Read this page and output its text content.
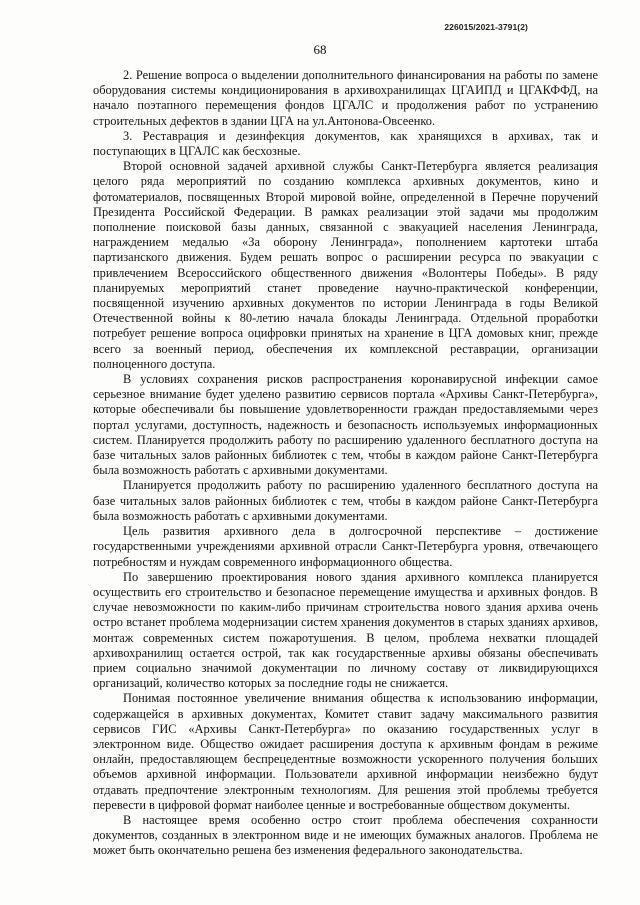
226015/2021-3791(2)
68

2. Решение вопроса о выделении дополнительного финансирования на работы по замене оборудования системы кондиционирования в архивохранилищах ЦГАИПД и ЦГАКФФД, на начало поэтапного перемещения фондов ЦГАЛС и продолжения работ по устранению строительных дефектов в здании ЦГА на ул.Антонова-Овсеенко.

3. Реставрация и дезинфекция документов, как хранящихся в архивах, так и поступающих в ЦГАЛС как бесхозные.

Второй основной задачей архивной службы Санкт-Петербурга является реализация целого ряда мероприятий по созданию комплекса архивных документов, кино и фотоматериалов, посвященных Второй мировой войне, определенной в Перечне поручений Президента Российской Федерации. В рамках реализации этой задачи мы продолжим пополнение поисковой базы данных, связанной с эвакуацией населения Ленинграда, награждением медалью «За оборону Ленинграда», пополнением картотеки штаба партизанского движения. Будем решать вопрос о расширении ресурса по эвакуации с привлечением Всероссийского общественного движения «Волонтеры Победы». В ряду планируемых мероприятий станет проведение научно-практической конференции, посвященной изучению архивных документов по истории Ленинграда в годы Великой Отечественной войны к 80-летию начала блокады Ленинграда. Отдельной проработки потребует решение вопроса оцифровки принятых на хранение в ЦГА домовых книг, прежде всего за военный период, обеспечения их комплексной реставрации, организации полноценного доступа.

В условиях сохранения рисков распространения коронавирусной инфекции самое серьезное внимание будет уделено развитию сервисов портала «Архивы Санкт-Петербурга», которые обеспечивали бы повышение удовлетворенности граждан предоставляемыми через портал услугами, доступность, надежность и безопасность используемых информационных систем. Планируется продолжить работу по расширению удаленного бесплатного доступа на базе читальных залов районных библиотек с тем, чтобы в каждом районе Санкт-Петербурга была возможность работать с архивными документами.

Планируется продолжить работу по расширению удаленного бесплатного доступа на базе читальных залов районных библиотек с тем, чтобы в каждом районе Санкт-Петербурга была возможность работать с архивными документами.

Цель развития архивного дела в долгосрочной перспективе – достижение государственными учреждениями архивной отрасли Санкт-Петербурга уровня, отвечающего потребностям и нуждам современного информационного общества.

По завершению проектирования нового здания архивного комплекса планируется осуществить его строительство и безопасное перемещение имущества и архивных фондов. В случае невозможности по каким-либо причинам строительства нового здания архива очень остро встанет проблема модернизации систем хранения документов в старых зданиях архивов, монтаж современных систем пожаротушения. В целом, проблема нехватки площадей архивохранилищ остается острой, так как государственные архивы обязаны обеспечивать прием социально значимой документации по личному составу от ликвидирующихся организаций, количество которых за последние годы не снижается.

Понимая постоянное увеличение внимания общества к использованию информации, содержащейся в архивных документах, Комитет ставит задачу максимального развития сервисов ГИС «Архивы Санкт-Петербурга» по оказанию государственных услуг в электронном виде. Общество ожидает расширения доступа к архивным фондам в режиме онлайн, предоставляющем беспрецедентные возможности ускоренного получения больших объемов архивной информации. Пользователи архивной информации неизбежно будут отдавать предпочтение электронным технологиям. Для решения этой проблемы требуется перевести в цифровой формат наиболее ценные и востребованные обществом документы.

В настоящее время особенно остро стоит проблема обеспечения сохранности документов, созданных в электронном виде и не имеющих бумажных аналогов. Проблема не может быть окончательно решена без изменения федерального законодательства.
